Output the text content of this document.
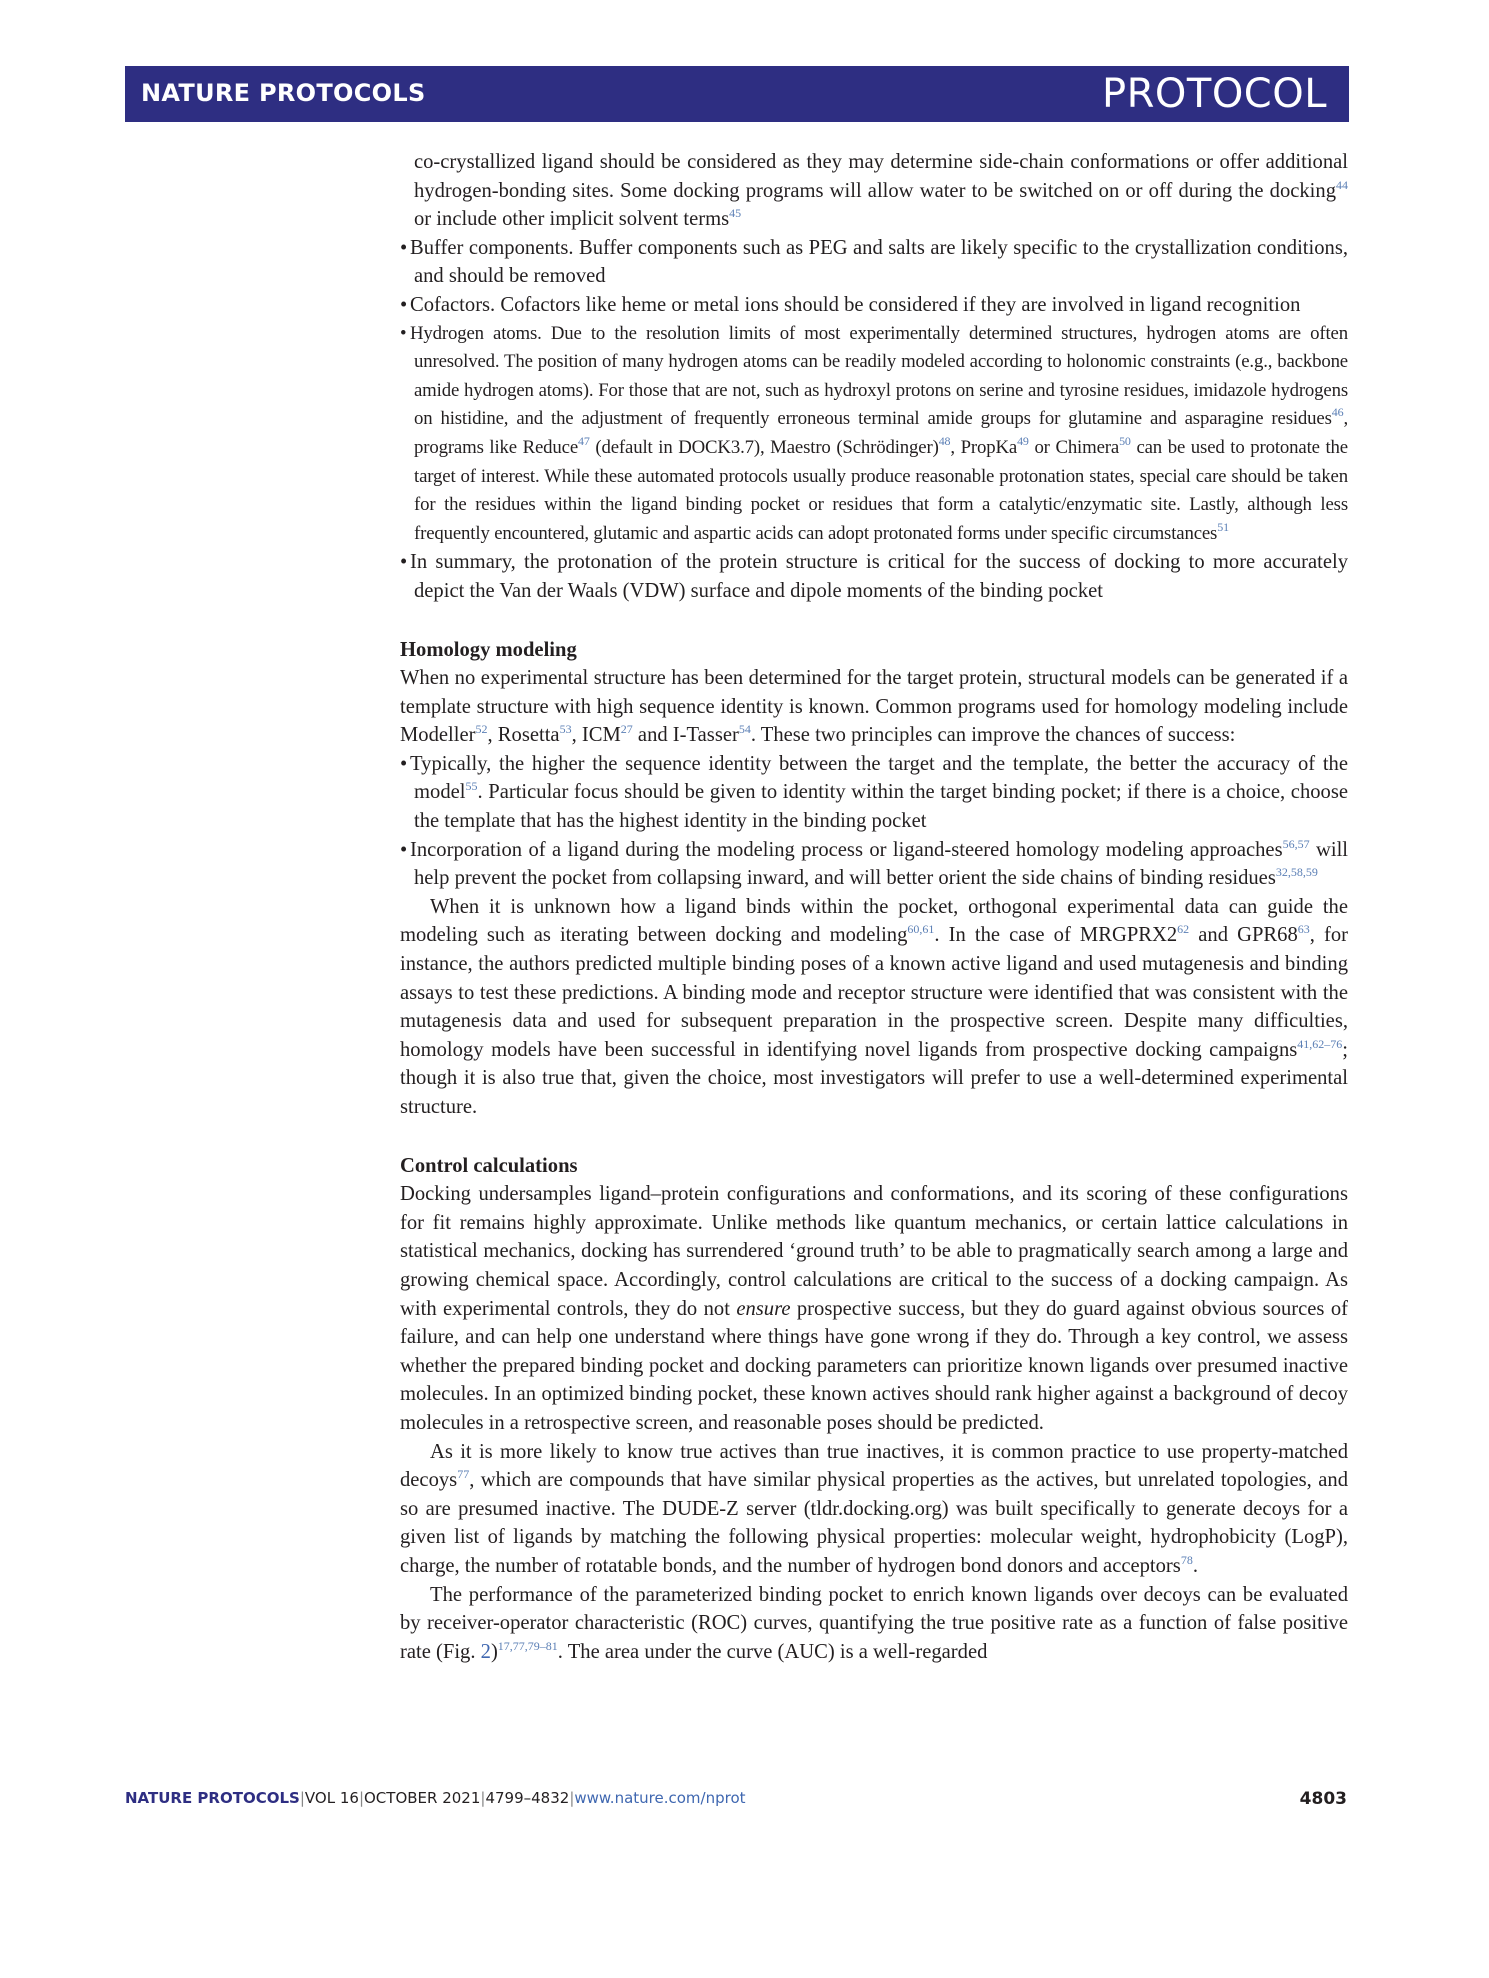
NATURE PROTOCOLS	PROTOCOL

co-crystallized ligand should be considered as they may determine side-chain conformations or offer additional hydrogen-bonding sites. Some docking programs will allow water to be switched on or off during the docking$^{44}$ or include other implicit solvent terms$^{45}$

• Buffer components. Buffer components such as PEG and salts are likely specific to the crystallization conditions, and should be removed

• Cofactors. Cofactors like heme or metal ions should be considered if they are involved in ligand recognition

• Hydrogen atoms. Due to the resolution limits of most experimentally determined structures, hydrogen atoms are often unresolved. The position of many hydrogen atoms can be readily modeled according to holonomic constraints (e.g., backbone amide hydrogen atoms). For those that are not, such as hydroxyl protons on serine and tyrosine residues, imidazole hydrogens on histidine, and the adjustment of frequently erroneous terminal amide groups for glutamine and asparagine residues$^{46}$, programs like Reduce$^{47}$ (default in DOCK3.7), Maestro (Schrödinger)$^{48}$, PropKa$^{49}$ or Chimera$^{50}$ can be used to protonate the target of interest. While these automated protocols usually produce reasonable protonation states, special care should be taken for the residues within the ligand binding pocket or residues that form a catalytic/enzymatic site. Lastly, although less frequently encountered, glutamic and aspartic acids can adopt protonated forms under specific circumstances$^{51}$

• In summary, the protonation of the protein structure is critical for the success of docking to more accurately depict the Van der Waals (VDW) surface and dipole moments of the binding pocket

Homology modeling

When no experimental structure has been determined for the target protein, structural models can be generated if a template structure with high sequence identity is known. Common programs used for homology modeling include Modeller$^{52}$, Rosetta$^{53}$, ICM$^{27}$ and I-Tasser$^{54}$. These two principles can improve the chances of success:

• Typically, the higher the sequence identity between the target and the template, the better the accuracy of the model$^{55}$. Particular focus should be given to identity within the target binding pocket; if there is a choice, choose the template that has the highest identity in the binding pocket

• Incorporation of a ligand during the modeling process or ligand-steered homology modeling approaches$^{56,57}$ will help prevent the pocket from collapsing inward, and will better orient the side chains of binding residues$^{32,58,59}$

When it is unknown how a ligand binds within the pocket, orthogonal experimental data can guide the modeling such as iterating between docking and modeling$^{60,61}$. In the case of $MRGPRX2^{62}$ and $GPR68^{63}$, for instance, the authors predicted multiple binding poses of a known active ligand and used mutagenesis and binding assays to test these predictions. A binding mode and receptor structure were identified that was consistent with the mutagenesis data and used for subsequent preparation in the prospective screen. Despite many difficulties, homology models have been successful in identifying novel ligands from prospective docking campaigns$^{41,62-76}$; though it is also true that, given the choice, most investigators will prefer to use a well-determined experimental structure.

Control calculations

Docking undersamples ligand–protein configurations and conformations, and its scoring of these configurations for fit remains highly approximate. Unlike methods like quantum mechanics, or certain lattice calculations in statistical mechanics, docking has surrendered ‘ground truth’ to be able to pragmatically search among a large and growing chemical space. Accordingly, control calculations are critical to the success of a docking campaign. As with experimental controls, they do not ensure prospective success, but they do guard against obvious sources of failure, and can help one understand where things have gone wrong if they do. Through a key control, we assess whether the prepared binding pocket and docking parameters can prioritize known ligands over presumed inactive molecules. In an optimized binding pocket, these known actives should rank higher against a background of decoy molecules in a retrospective screen, and reasonable poses should be predicted.

As it is more likely to know true actives than true inactives, it is common practice to use property-matched decoys$^{77}$, which are compounds that have similar physical properties as the actives, but unrelated topologies, and so are presumed inactive. The DUDE-Z server (tldr.docking.org) was built specifically to generate decoys for a given list of ligands by matching the following physical properties: molecular weight, hydrophobicity (LogP), charge, the number of rotatable bonds, and the number of hydrogen bond donors and acceptors$^{78}$.

The performance of the parameterized binding pocket to enrich known ligands over decoys can be evaluated by receiver-operator characteristic (ROC) curves, quantifying the true positive rate as a function of false positive rate (Fig. 2)$^{17,77,79-81}$. The area under the curve (AUC) is a well-regarded

NATURE PROTOCOLS|VOL 16|OCTOBER 2021|4799–4832|www.nature.com/nprot	4803
